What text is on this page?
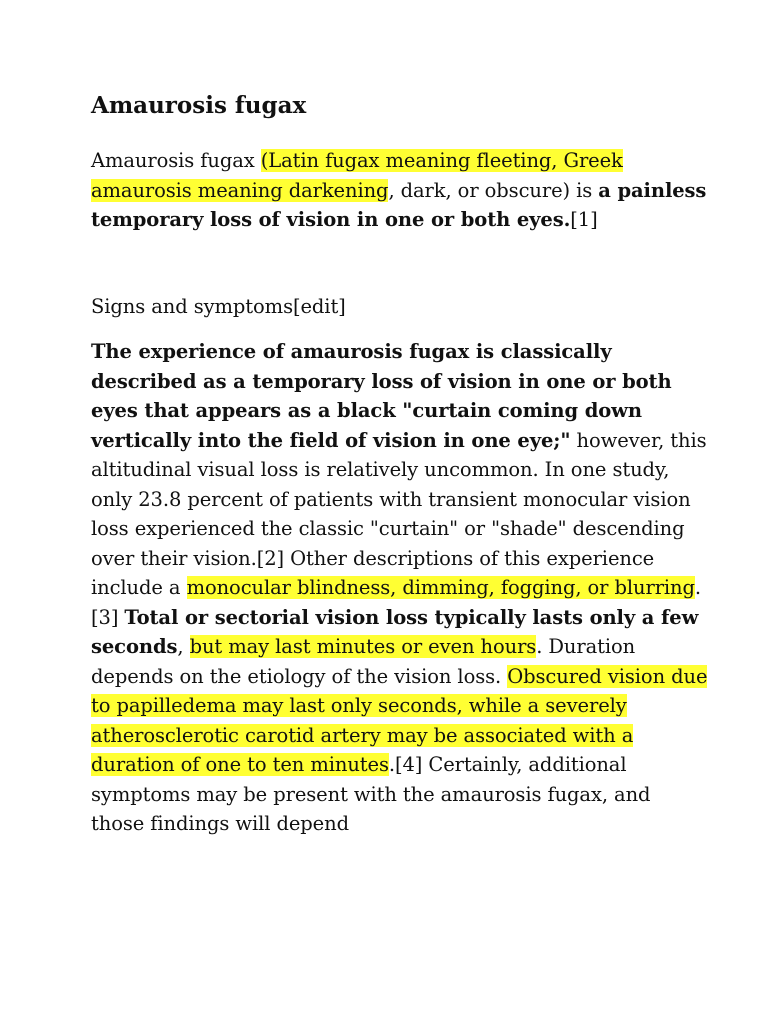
Amaurosis fugax

Amaurosis fugax (Latin fugax meaning fleeting, Greek amaurosis meaning darkening, dark, or obscure) is a painless temporary loss of vision in one or both eyes.[1]

Signs and symptoms[edit]

The experience of amaurosis fugax is classically described as a temporary loss of vision in one or both eyes that appears as a black "curtain coming down vertically into the field of vision in one eye;" however, this altitudinal visual loss is relatively uncommon. In one study, only 23.8 percent of patients with transient monocular vision loss experienced the classic "curtain" or "shade" descending over their vision.[2] Other descriptions of this experience include a monocular blindness, dimming, fogging, or blurring.[3] Total or sectorial vision loss typically lasts only a few seconds, but may last minutes or even hours. Duration depends on the etiology of the vision loss. Obscured vision due to papilledema may last only seconds, while a severely atherosclerotic carotid artery may be associated with a duration of one to ten minutes.[4] Certainly, additional symptoms may be present with the amaurosis fugax, and those findings will depend
